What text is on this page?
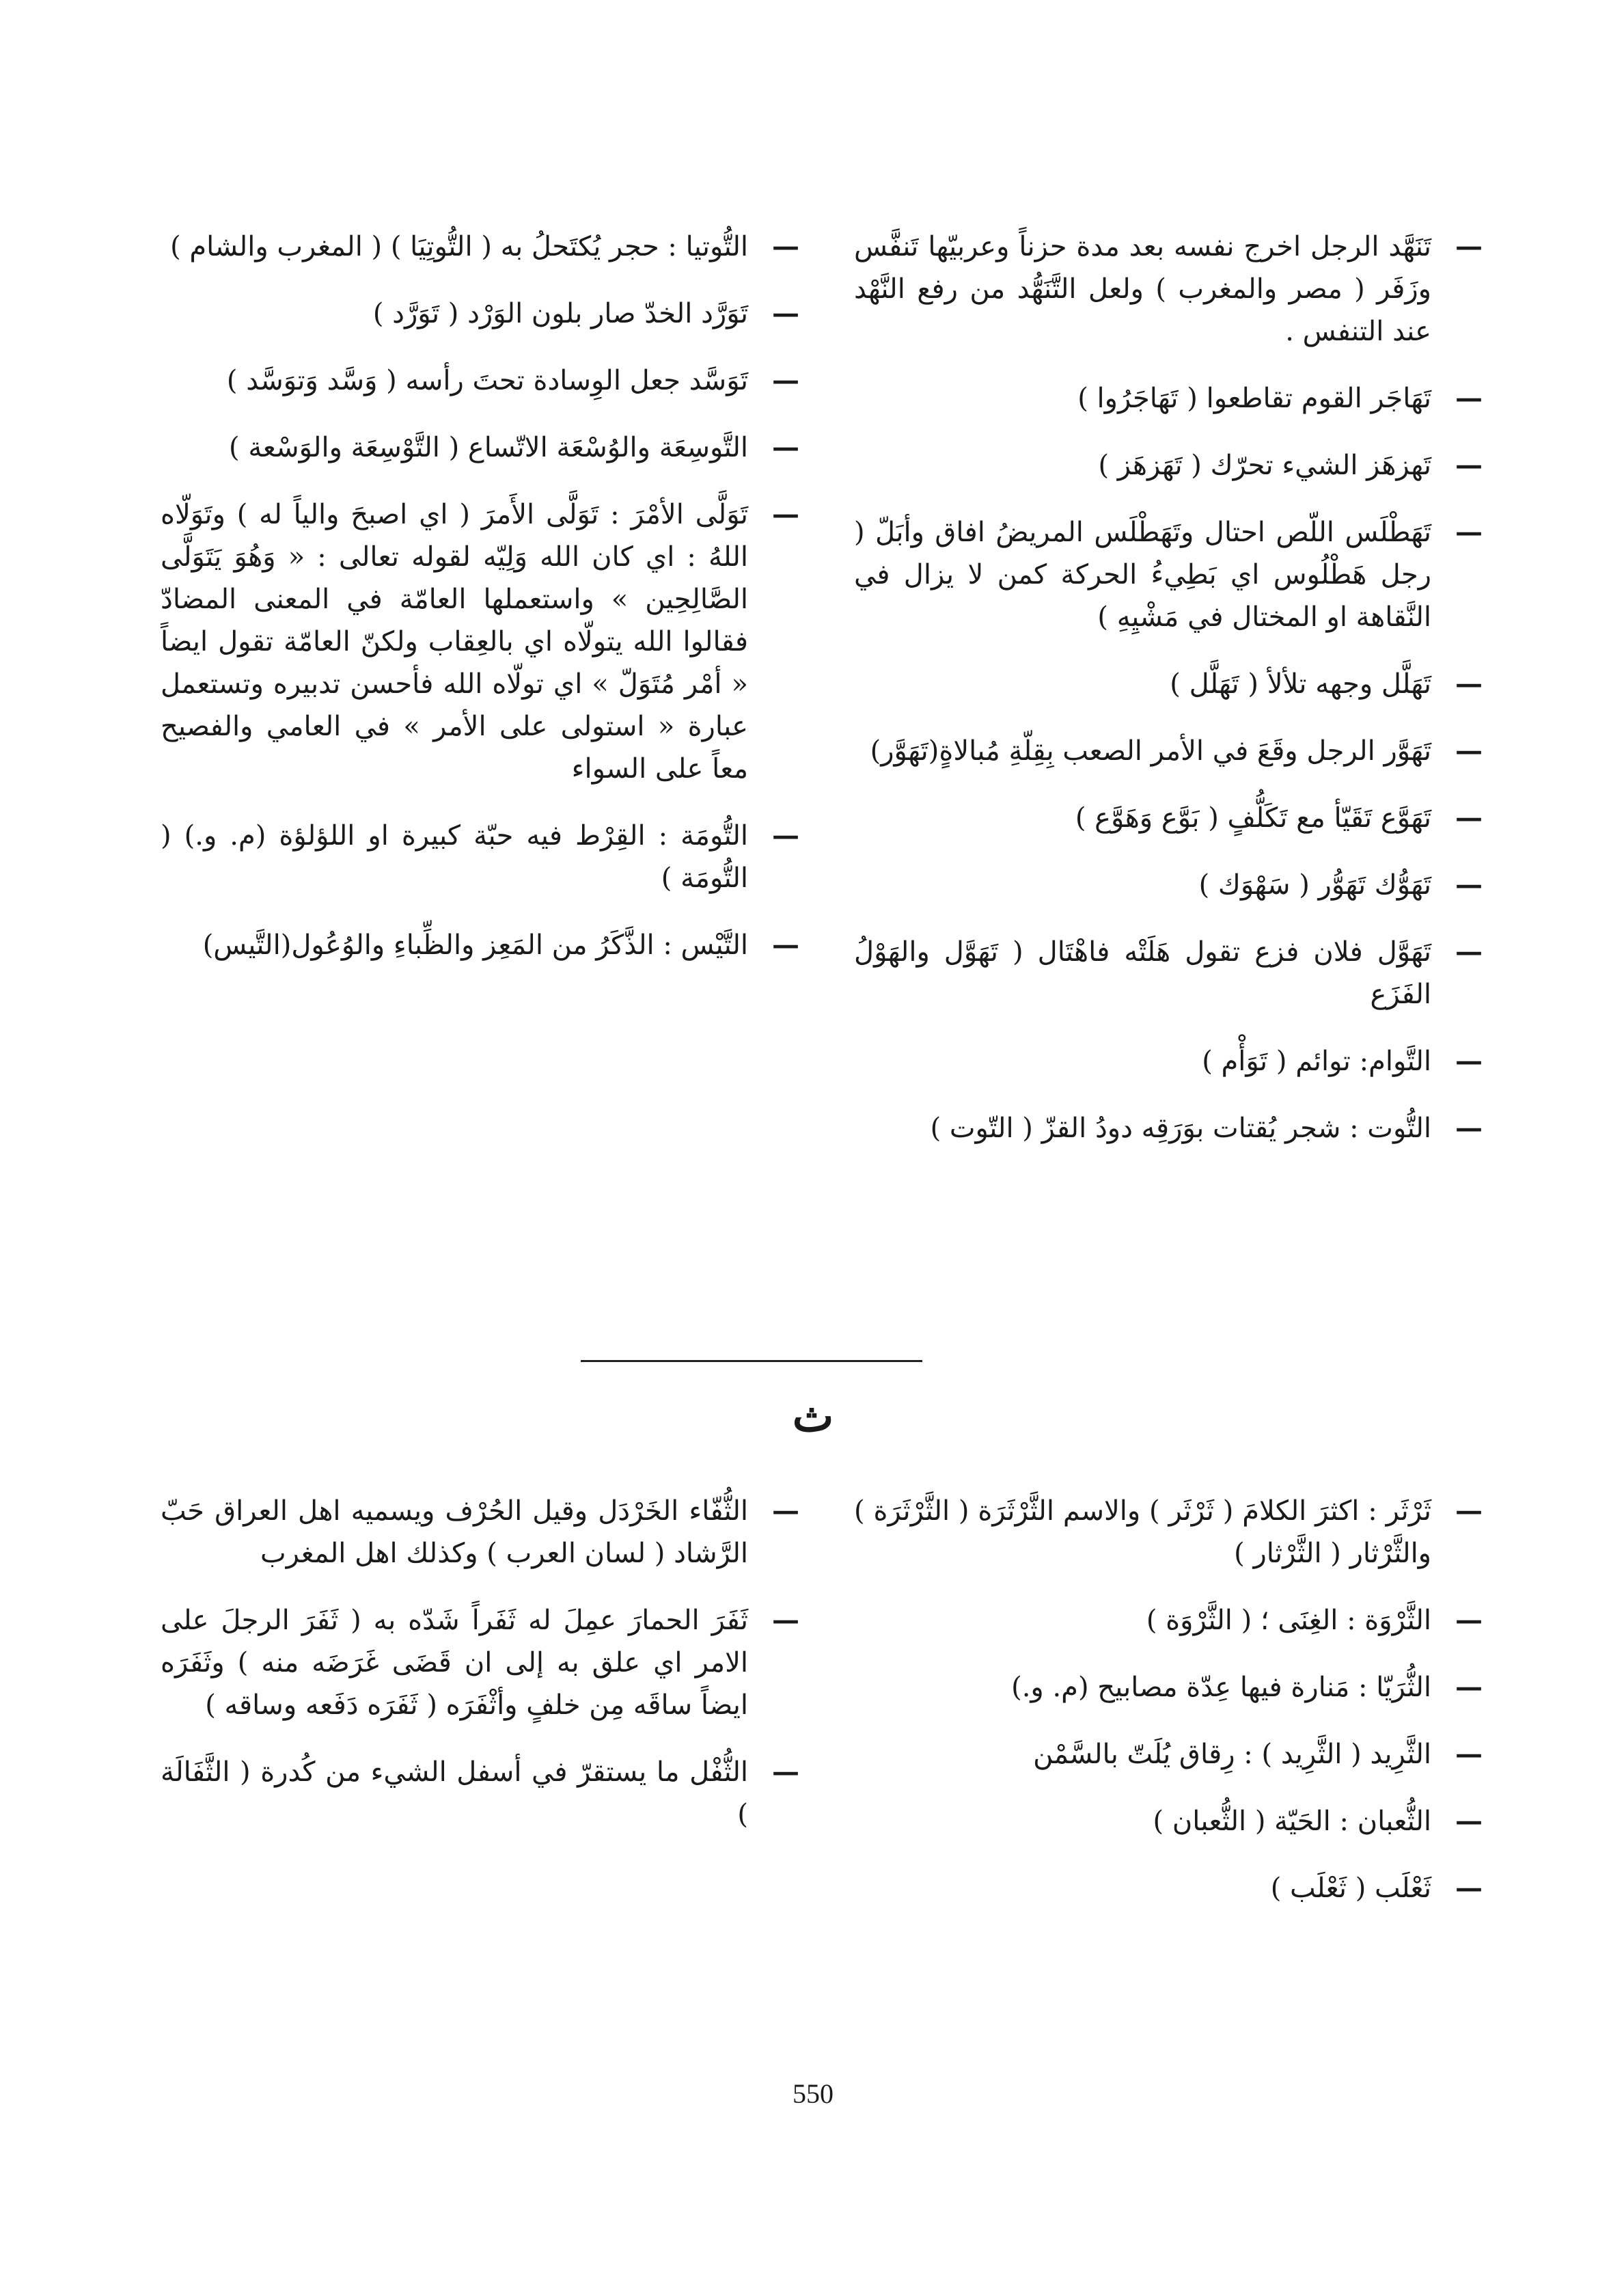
—
تَنَهَّد الرجل اخرج نفسه بعد مدة حزناً وعربيّها تَنفَّس وزَفَر ( مصر والمغرب ) ولعل التَّنَهُّد من رفع النَّهْد عند التنفس .
—
تَهَاجَر القوم تقاطعوا ( تَهَاجَرُوا )
—
تَهزهَز الشيء تحرّك ( تَهَزهَز )
—
تَهَطْلَس اللّص احتال وتَهَطْلَس المريضُ افاق وأبَلّ ( رجل هَطْلُوس اي بَطِيءُ الحركة كمن لا يزال في النَّقاهة او المختال في مَشْيِهِ )
—
تَهَلَّل وجهه تلألأ ( تَهَلَّل )
—
تَهَوَّر الرجل وقَعَ في الأمر الصعب بِقِلّةِ مُبالاةٍ(تَهَوَّر)
—
تَهَوَّع تَقَيّأ مع تَكَلُّفٍ ( بَوَّع وَهَوَّع )
—
تَهَوُّك تَهَوُّر ( سَهْوَك )
—
تَهَوَّل فلان فزع تقول هَلَتْه فاهْتَال ( تَهَوَّل والهَوْلُ الفَزَع
—
التَّوام: توائم ( تَوَأْم )
—
التُّوت : شجر يُقتات بوَرَقِه دودُ القزّ ( التّوت )
—
التُّوتيا : حجر يُكتَحلُ به ( التُّوتِيَا ) ( المغرب والشام )
—
تَوَرَّد الخدّ صار بلون الوَرْد ( تَوَرَّد )
—
تَوَسَّد جعل الوِسادة تحتَ رأسه ( وَسَّد وَتوَسَّد )
—
التَّوسِعَة والوُسْعَة الاتّساع ( التَّوْسِعَة والوَسْعة )
—
تَوَلَّى الأمْرَ : تَوَلَّى الأَمرَ ( اي اصبحَ والياً له ) وتَوَلّاه اللهُ : اي كان الله وَلِيّه لقوله تعالى : « وَهُوَ يَتَوَلَّى الصَّالِحِين » واستعملها العامّة في المعنى المضادّ فقالوا الله يتولّاه اي بالعِقاب ولكنّ العامّة تقول ايضاً « أمْر مُتَوَلّ » اي تولّاه الله فأحسن تدبيره وتستعمل عبارة « استولى على الأمر » في العامي والفصيح معاً على السواء
—
التُّومَة : القِرْط فيه حبّة كبيرة او اللؤلؤة (م. و.) ( التُّومَة )
—
التَّيْس : الذَّكَرُ من المَعِز والظِّباءِ والوُعُول(التَّيس)
ث
—
ثَرْثَر : اكثرَ الكلامَ ( ثَرْثَر ) والاسم الثَّرْثَرَة ( الثَّرْثَرَة ) والثَّرْثار ( الثَّرْثار )
—
الثَّرْوَة : الغِنَى ؛ ( الثَّرْوَة )
—
الثُّرَيّا : مَنارة فيها عِدّة مصابيح (م. و.)
—
الثَّرِيد ( الثَّرِيد ) : رِقاق يُلَتّ بالسَّمْن
—
الثُّعبان : الحَيّة ( الثُّعبان )
—
ثَعْلَب ( ثَعْلَب )
—
الثُّفّاء الخَرْدَل وقيل الحُرْف ويسميه اهل العراق حَبّ الرَّشاد ( لسان العرب ) وكذلك اهل المغرب
—
ثَفَرَ الحمارَ عمِلَ له ثَفَراً شَدّه به ( ثَفَرَ الرجلَ على الامر اي علق به إلى ان قَضَى غَرَضَه منه ) وثَفَرَه ايضاً ساقَه مِن خلفٍ وأثْفَرَه ( ثَفَرَه دَفَعه وساقه )
—
الثُّفْل ما يستقرّ في أسفل الشيء من كُدرة ( الثَّفَالَة )
550
